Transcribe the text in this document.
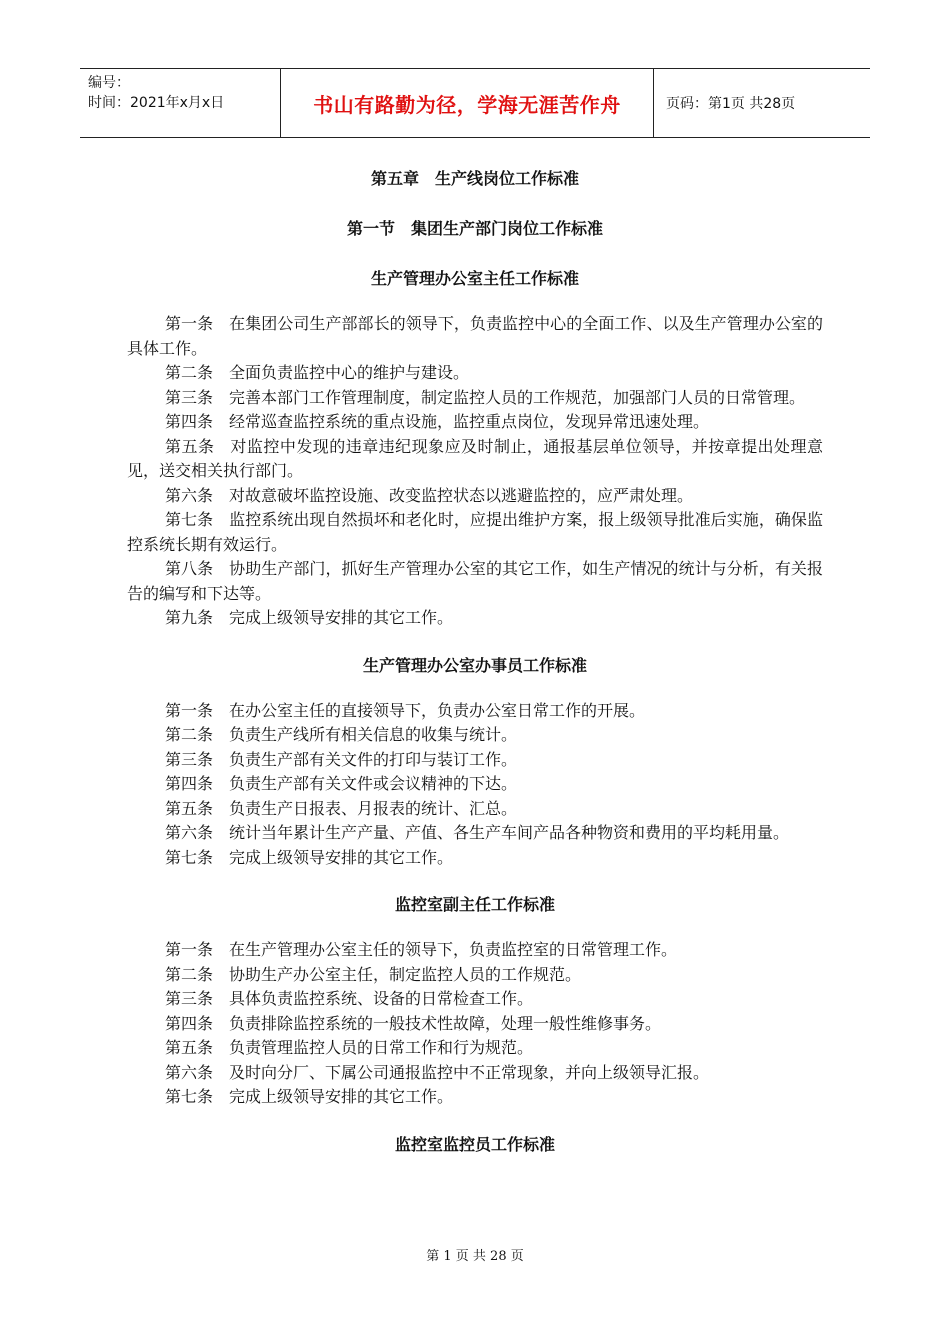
编号：
时间：2021年x月x日	书山有路勤为径，学海无涯苦作舟	页码：第1页 共28页
第五章　生产线岗位工作标准
第一节　集团生产部门岗位工作标准
生产管理办公室主任工作标准

第一条 在集团公司生产部部长的领导下，负责监控中心的全面工作、以及生产管理办公室的具体工作。

第二条 全面负责监控中心的维护与建设。

第三条 完善本部门工作管理制度，制定监控人员的工作规范，加强部门人员的日常管理。

第四条 经常巡查监控系统的重点设施，监控重点岗位，发现异常迅速处理。

第五条 对监控中发现的违章违纪现象应及时制止，通报基层单位领导，并按章提出处理意见，送交相关执行部门。

第六条 对故意破坏监控设施、改变监控状态以逃避监控的，应严肃处理。

第七条 监控系统出现自然损坏和老化时，应提出维护方案，报上级领导批准后实施，确保监控系统长期有效运行。

第八条 协助生产部门，抓好生产管理办公室的其它工作，如生产情况的统计与分析，有关报告的编写和下达等。

第九条 完成上级领导安排的其它工作。

生产管理办公室办事员工作标准

第一条 在办公室主任的直接领导下，负责办公室日常工作的开展。

第二条 负责生产线所有相关信息的收集与统计。

第三条 负责生产部有关文件的打印与装订工作。

第四条 负责生产部有关文件或会议精神的下达。

第五条 负责生产日报表、月报表的统计、汇总。

第六条 统计当年累计生产产量、产值、各生产车间产品各种物资和费用的平均耗用量。

第七条 完成上级领导安排的其它工作。

监控室副主任工作标准

第一条 在生产管理办公室主任的领导下，负责监控室的日常管理工作。

第二条 协助生产办公室主任，制定监控人员的工作规范。

第三条 具体负责监控系统、设备的日常检查工作。

第四条 负责排除监控系统的一般技术性故障，处理一般性维修事务。

第五条 负责管理监控人员的日常工作和行为规范。

第六条 及时向分厂、下属公司通报监控中不正常现象，并向上级领导汇报。

第七条 完成上级领导安排的其它工作。

监控室监控员工作标准
第 1 页 共 28 页
